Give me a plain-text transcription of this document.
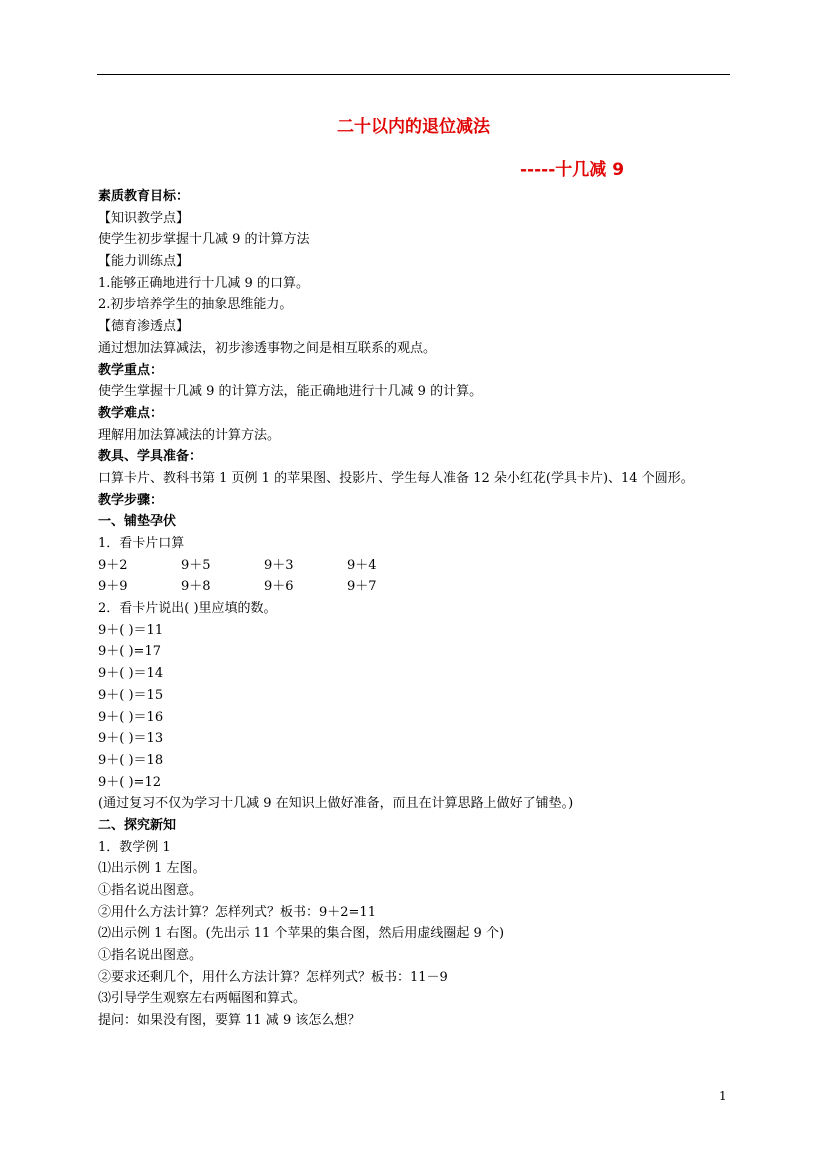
二十以内的退位减法
-----十几减 9
素质教育目标：
【知识教学点】
使学生初步掌握十几减 9 的计算方法
【能力训练点】
1.能够正确地进行十几减 9 的口算。
2.初步培养学生的抽象思维能力。
【德育渗透点】
通过想加法算减法，初步渗透事物之间是相互联系的观点。
教学重点：
使学生掌握十几减 9 的计算方法，能正确地进行十几减 9 的计算。
教学难点：
理解用加法算减法的计算方法。
教具、学具准备：
口算卡片、教科书第 1 页例 1 的苹果图、投影片、学生每人准备 12 朵小红花(学具卡片)、14 个圆形。
教学步骤：
一、铺垫孕伏
1．看卡片口算
9＋2	9＋5	9＋3	9＋4
9＋9	9＋8	9＋6	9＋7
2．看卡片说出( )里应填的数。
9＋( )＝11
9＋( )=17
9＋( )＝14
9＋( )＝15
9＋( )＝16
9＋( )＝13
9＋( )＝18
9＋( )=12
(通过复习不仅为学习十几减 9 在知识上做好准备，而且在计算思路上做好了铺垫。)
二、探究新知
1．教学例 1
⑴出示例 1 左图。
①指名说出图意。
②用什么方法计算？怎样列式？板书：9＋2=11
⑵出示例 1 右图。(先出示 11 个苹果的集合图，然后用虚线圈起 9 个)
①指名说出图意。
②要求还剩几个，用什么方法计算？怎样列式？板书：11－9
⑶引导学生观察左右两幅图和算式。
提问：如果没有图，要算 11 减 9 该怎么想？
1
